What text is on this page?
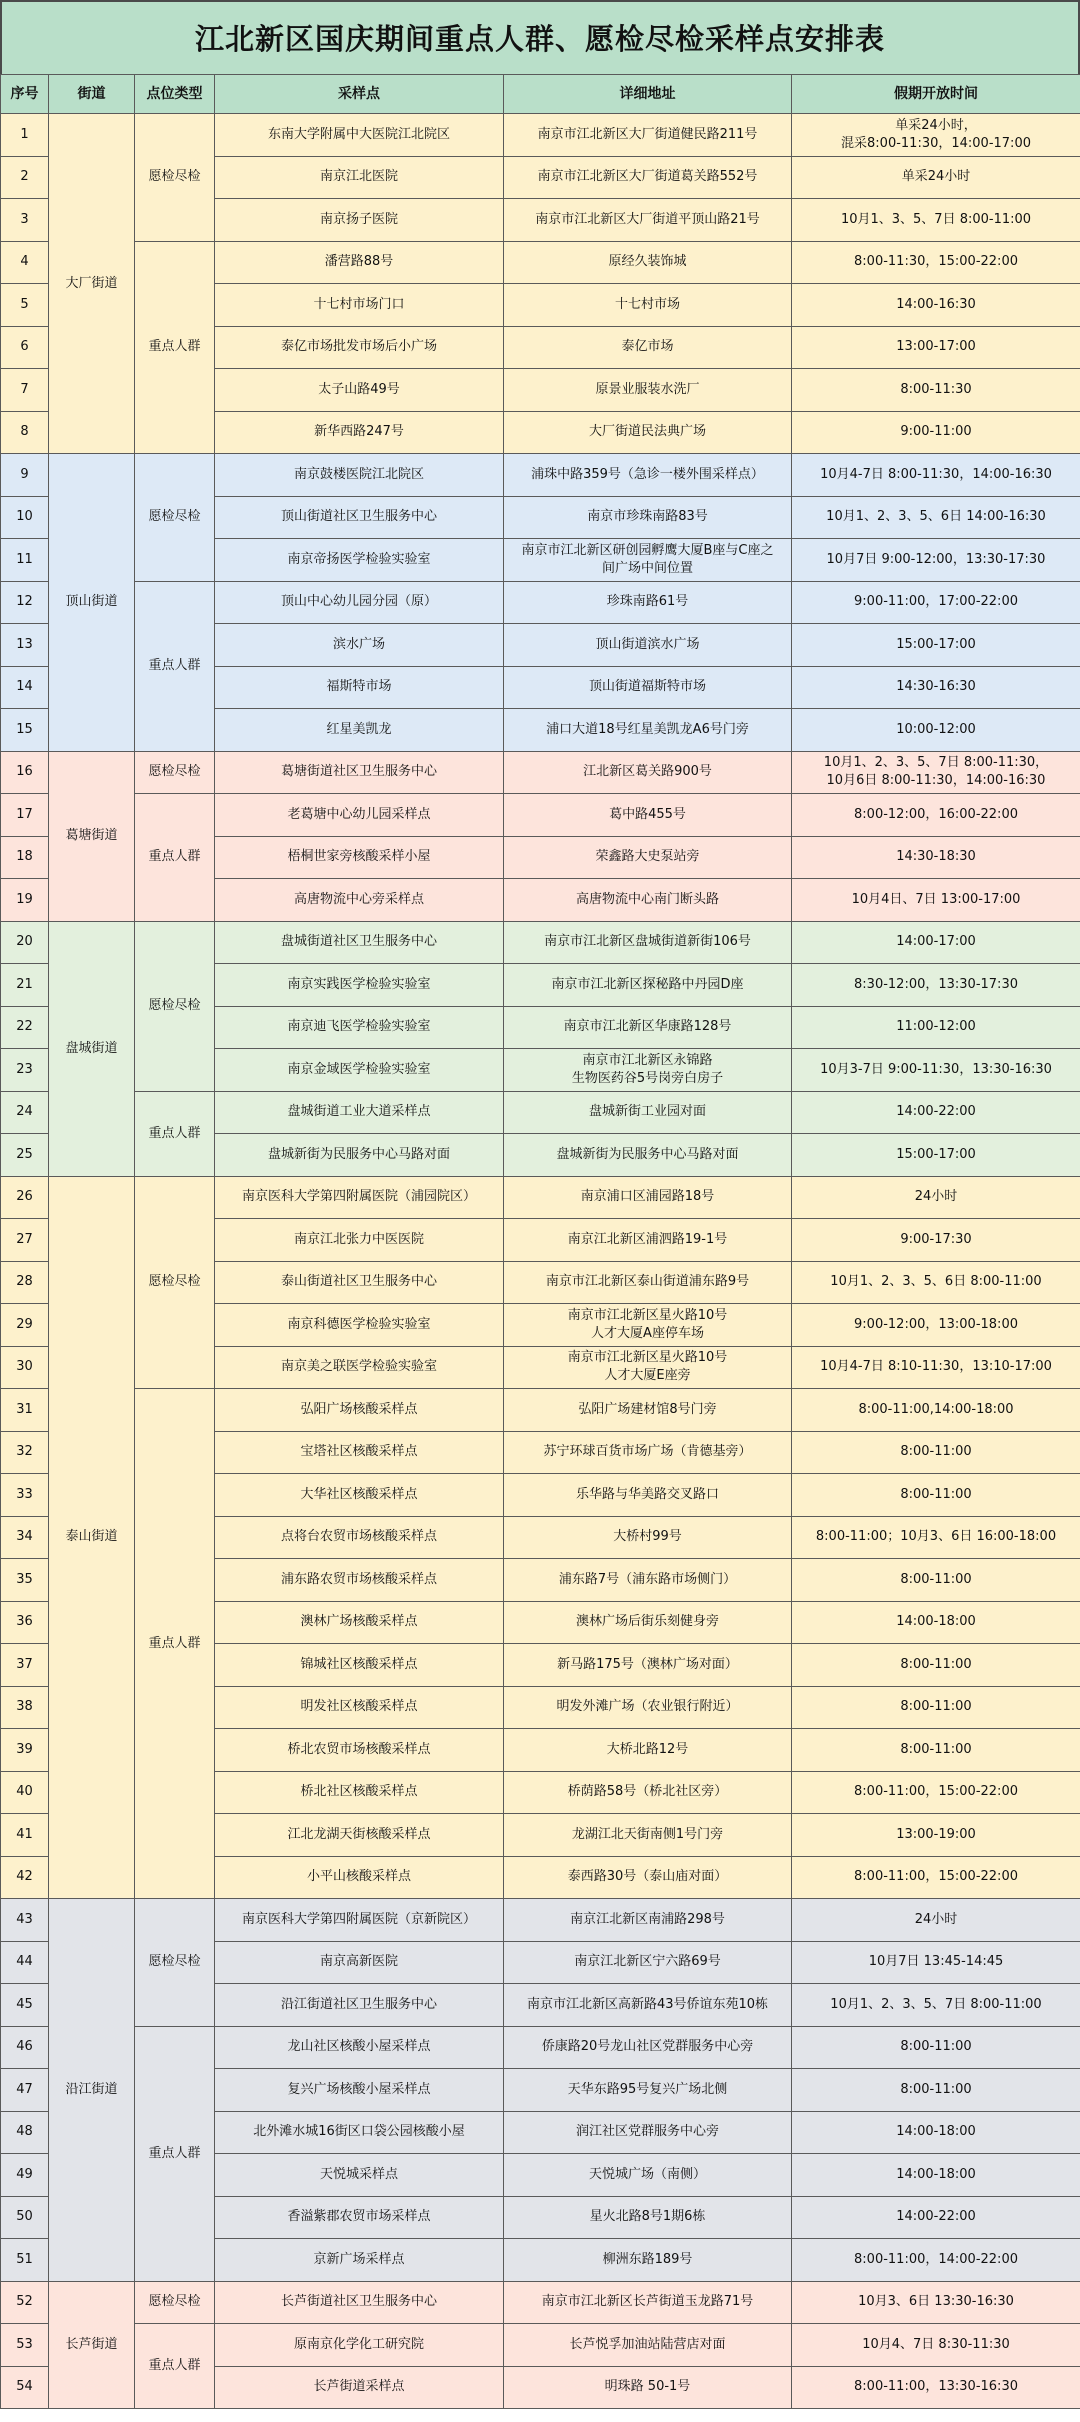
江北新区国庆期间重点人群、愿检尽检采样点安排表
序号	街道	点位类型	采样点	详细地址	假期开放时间
1	大厂街道	愿检尽检	东南大学附属中大医院江北院区	南京市江北新区大厂街道健民路211号	单采24小时，
混采8:00-11:30，14:00-17:00
2			南京江北医院	南京市江北新区大厂街道葛关路552号	单采24小时
3			南京扬子医院	南京市江北新区大厂街道平顶山路21号	10月1、3、5、7日 8:00-11:00
4		重点人群	潘营路88号	原经久装饰城	8:00-11:30，15:00-22:00
5			十七村市场门口	十七村市场	14:00-16:30
6			泰亿市场批发市场后小广场	泰亿市场	13:00-17:00
7			太子山路49号	原景业服装水洗厂	8:00-11:30
8			新华西路247号	大厂街道民法典广场	9:00-11:00
9	顶山街道	愿检尽检	南京鼓楼医院江北院区	浦珠中路359号（急诊一楼外围采样点）	10月4-7日 8:00-11:30，14:00-16:30
10			顶山街道社区卫生服务中心	南京市珍珠南路83号	10月1、2、3、5、6日 14:00-16:30
11			南京帝扬医学检验实验室	南京市江北新区研创园孵鹰大厦B座与C座之
间广场中间位置	10月7日 9:00-12:00，13:30-17:30
12		重点人群	顶山中心幼儿园分园（原）	珍珠南路61号	9:00-11:00，17:00-22:00
13			滨水广场	顶山街道滨水广场	15:00-17:00
14			福斯特市场	顶山街道福斯特市场	14:30-16:30
15			红星美凯龙	浦口大道18号红星美凯龙A6号门旁	10:00-12:00
16	葛塘街道	愿检尽检	葛塘街道社区卫生服务中心	江北新区葛关路900号	10月1、2、3、5、7日 8:00-11:30，
10月6日 8:00-11:30，14:00-16:30
17		重点人群	老葛塘中心幼儿园采样点	葛中路455号	8:00-12:00，16:00-22:00
18			梧桐世家旁核酸采样小屋	荣鑫路大史泵站旁	14:30-18:30
19			高唐物流中心旁采样点	高唐物流中心南门断头路	10月4日、7日 13:00-17:00
20	盘城街道	愿检尽检	盘城街道社区卫生服务中心	南京市江北新区盘城街道新街106号	14:00-17:00
21			南京实践医学检验实验室	南京市江北新区探秘路中丹园D座	8:30-12:00，13:30-17:30
22			南京迪飞医学检验实验室	南京市江北新区华康路128号	11:00-12:00
23			南京金域医学检验实验室	南京市江北新区永锦路
生物医药谷5号岗旁白房子	10月3-7日 9:00-11:30，13:30-16:30
24		重点人群	盘城街道工业大道采样点	盘城新街工业园对面	14:00-22:00
25			盘城新街为民服务中心马路对面	盘城新街为民服务中心马路对面	15:00-17:00
26	泰山街道	愿检尽检	南京医科大学第四附属医院（浦园院区）	南京浦口区浦园路18号	24小时
27			南京江北张力中医医院	南京江北新区浦泗路19-1号	9:00-17:30
28			泰山街道社区卫生服务中心	南京市江北新区泰山街道浦东路9号	10月1、2、3、5、6日 8:00-11:00
29			南京科德医学检验实验室	南京市江北新区星火路10号
人才大厦A座停车场	9:00-12:00，13:00-18:00
30			南京美之联医学检验实验室	南京市江北新区星火路10号
人才大厦E座旁	10月4-7日 8:10-11:30，13:10-17:00
31		重点人群	弘阳广场核酸采样点	弘阳广场建材馆8号门旁	8:00-11:00,14:00-18:00
32			宝塔社区核酸采样点	苏宁环球百货市场广场（肯德基旁）	8:00-11:00
33			大华社区核酸采样点	乐华路与华美路交叉路口	8:00-11:00
34			点将台农贸市场核酸采样点	大桥村99号	8:00-11:00；10月3、6日 16:00-18:00
35			浦东路农贸市场核酸采样点	浦东路7号（浦东路市场侧门）	8:00-11:00
36			澳林广场核酸采样点	澳林广场后街乐刻健身旁	14:00-18:00
37			锦城社区核酸采样点	新马路175号（澳林广场对面）	8:00-11:00
38			明发社区核酸采样点	明发外滩广场（农业银行附近）	8:00-11:00
39			桥北农贸市场核酸采样点	大桥北路12号	8:00-11:00
40			桥北社区核酸采样点	桥荫路58号（桥北社区旁）	8:00-11:00，15:00-22:00
41			江北龙湖天街核酸采样点	龙湖江北天街南侧1号门旁	13:00-19:00
42			小平山核酸采样点	泰西路30号（泰山庙对面）	8:00-11:00，15:00-22:00
43	沿江街道	愿检尽检	南京医科大学第四附属医院（京新院区）	南京江北新区南浦路298号	24小时
44			南京高新医院	南京江北新区宁六路69号	10月7日 13:45-14:45
45			沿江街道社区卫生服务中心	南京市江北新区高新路43号侨谊东苑10栋	10月1、2、3、5、7日 8:00-11:00
46		重点人群	龙山社区核酸小屋采样点	侨康路20号龙山社区党群服务中心旁	8:00-11:00
47			复兴广场核酸小屋采样点	天华东路95号复兴广场北侧	8:00-11:00
48			北外滩水城16街区口袋公园核酸小屋	润江社区党群服务中心旁	14:00-18:00
49			天悦城采样点	天悦城广场（南侧）	14:00-18:00
50			香溢紫郡农贸市场采样点	星火北路8号1期6栋	14:00-22:00
51			京新广场采样点	柳洲东路189号	8:00-11:00，14:00-22:00
52	长芦街道	愿检尽检	长芦街道社区卫生服务中心	南京市江北新区长芦街道玉龙路71号	10月3、6日 13:30-16:30
53		重点人群	原南京化学化工研究院	长芦悦孚加油站陆营店对面	10月4、7日 8:30-11:30
54			长芦街道采样点	明珠路 50-1号	8:00-11:00，13:30-16:30
